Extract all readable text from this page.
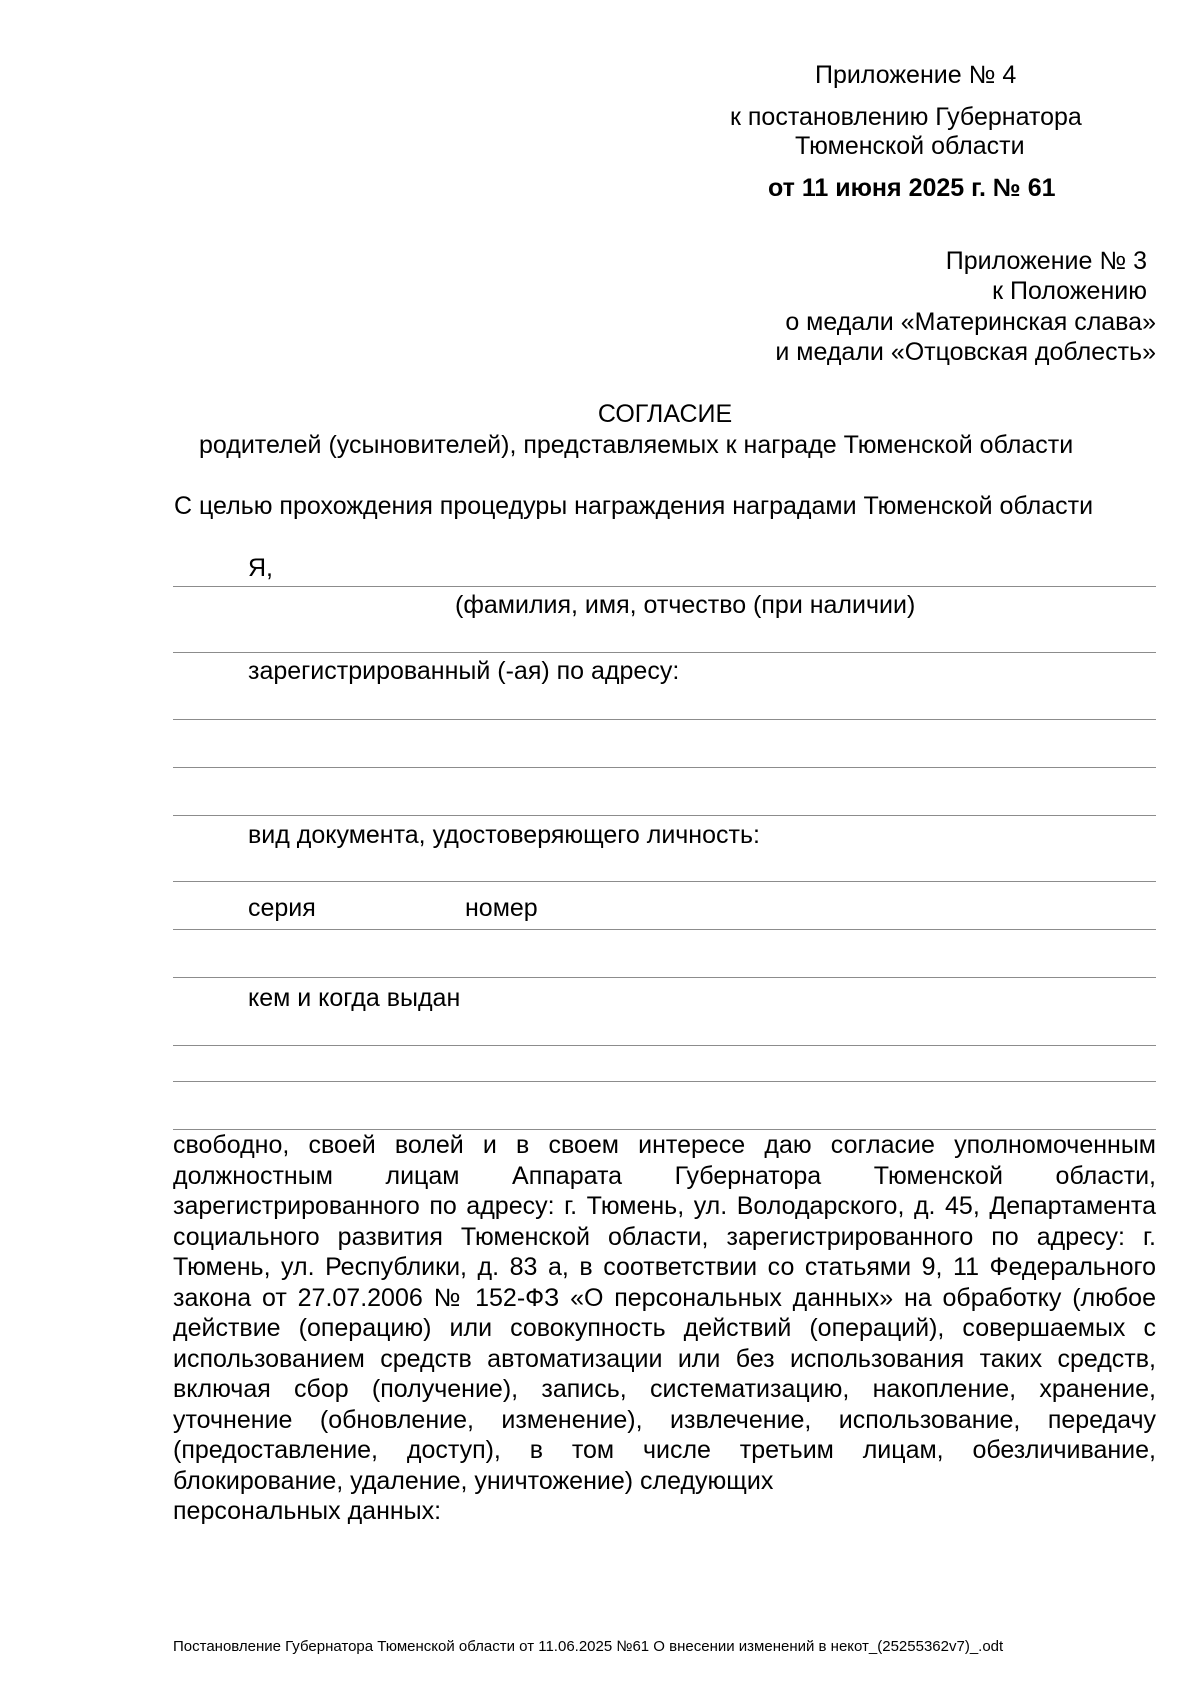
Приложение № 4
к постановлению Губернатора
Тюменской области
от 11 июня 2025 г. № 61
Приложение № 3
к Положению
о медали «Материнская слава»
и медали «Отцовская доблесть»
СОГЛАСИЕ
родителей (усыновителей), представляемых к награде Тюменской области
С целью прохождения процедуры награждения наградами Тюменской области
Я,
(фамилия, имя, отчество (при наличии)
зарегистрированный (-ая) по адресу:
вид документа, удостоверяющего личность:
серия	номер
кем и когда выдан

свободно, своей волей и в своем интересе даю согласие уполномоченным должностным лицам Аппарата Губернатора Тюменской области, зарегистрированного по адресу: г. Тюмень, ул. Володарского, д. 45, Департамента социального развития Тюменской области, зарегистрированного по адресу: г. Тюмень, ул. Республики, д. 83 а, в соответствии со статьями 9, 11 Федерального закона от 27.07.2006 № 152-ФЗ «О персональных данных» на обработку (любое действие (операцию) или совокупность действий (операций), совершаемых с использованием средств автоматизации или без использования таких средств, включая сбор (получение), запись, систематизацию, накопление, хранение, уточнение (обновление, изменение), извлечение, использование, передачу (предоставление, доступ), в том числе третьим лицам, обезличивание, блокирование, удаление, уничтожение) следующих

персональных данных:

Постановление Губернатора Тюменской области от 11.06.2025 №61 О внесении изменений в некот_(25255362v7)_.odt
